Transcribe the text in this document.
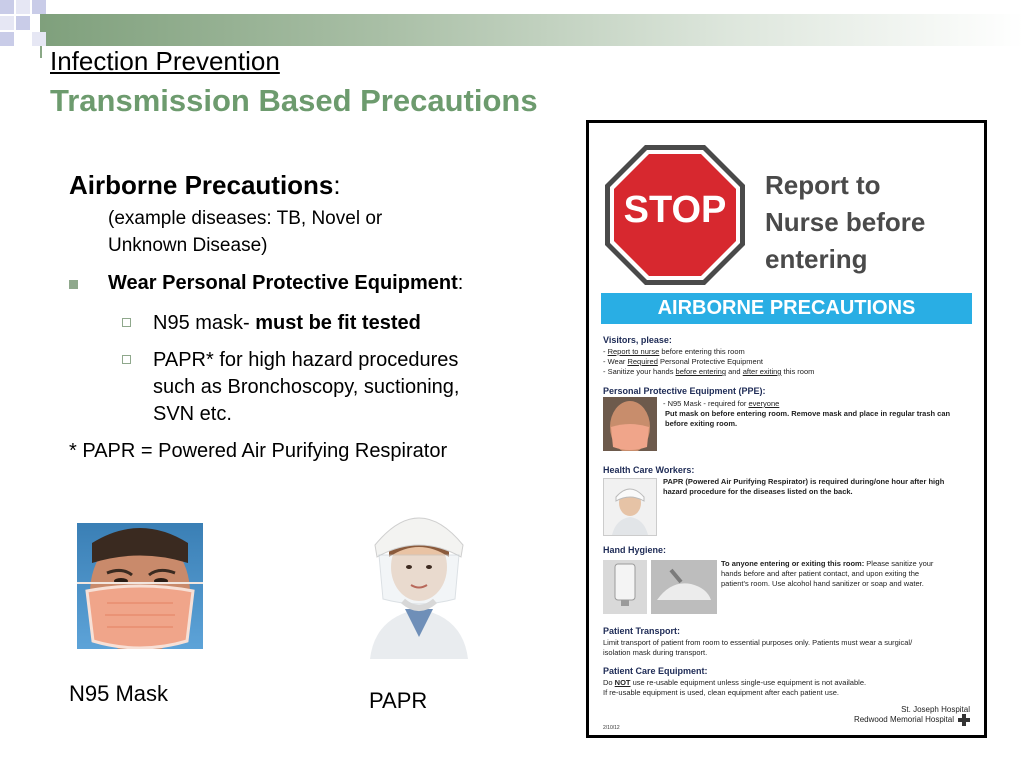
Infection Prevention
Transmission Based Precautions
Airborne Precautions:
(example diseases: TB, Novel or
Unknown Disease)
Wear Personal Protective Equipment:
N95 mask- must be fit tested
PAPR* for high hazard procedures
such as Bronchoscopy, suctioning,
SVN etc.
* PAPR = Powered Air Purifying Respirator
N95 Mask	PAPR
STOP
Report to
Nurse before
entering
AIRBORNE PRECAUTIONS
Visitors, please:
- Report to nurse before entering this room
- Wear Required Personal Protective Equipment
- Sanitize your hands before entering and after exiting this room
Personal Protective Equipment (PPE):
- N95 Mask - required for everyone
Put mask on before entering room. Remove mask and place in regular trash can
before exiting room.
Health Care Workers:
PAPR (Powered Air Purifying Respirator) is required during/one hour after high
hazard procedure for the diseases listed on the back.
Hand Hygiene:
To anyone entering or exiting this room: Please sanitize your
hands before and after patient contact, and upon exiting the
patient's room. Use alcohol hand sanitizer or soap and water.
Patient Transport:
Limit transport of patient from room to essential purposes only. Patients must wear a surgical/
isolation mask during transport.
Patient Care Equipment:
Do NOT use re-usable equipment unless single-use equipment is not available.
If re-usable equipment is used, clean equipment after each patient use.
St. Joseph Hospital
Redwood Memorial Hospital
2/10/12
